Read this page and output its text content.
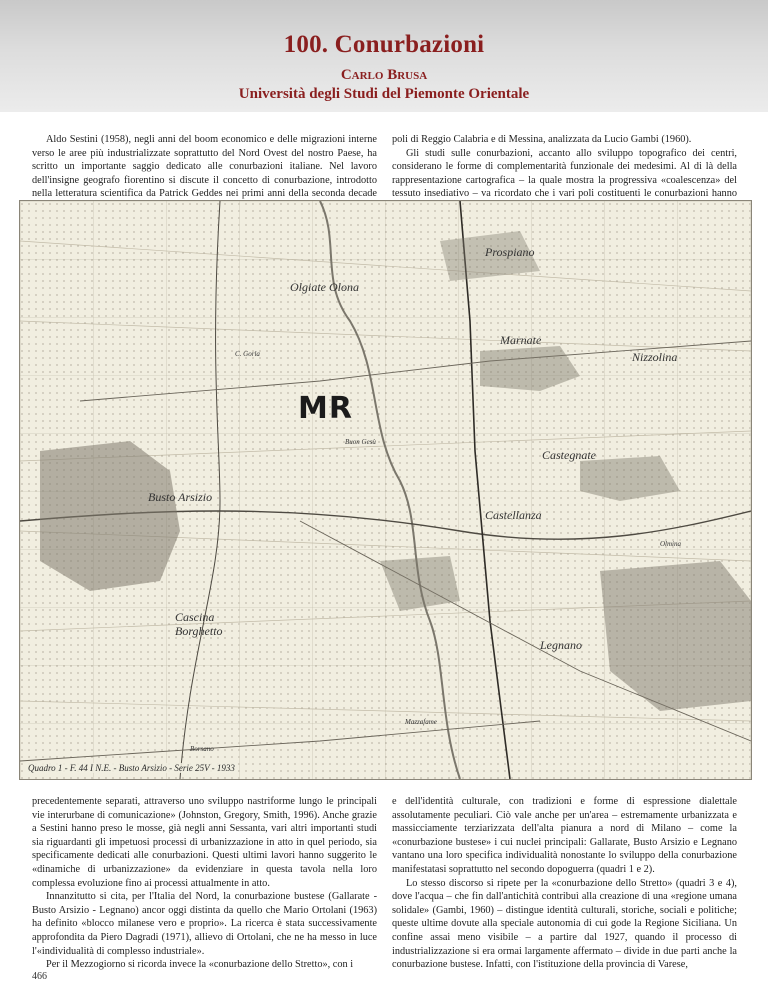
100. Conurbazioni
Carlo Brusa
Università degli Studi del Piemonte Orientale

Aldo Sestini (1958), negli anni del boom economico e delle migrazioni interne verso le aree più industrializzate soprattutto del Nord Ovest del nostro Paese, ha scritto un importante saggio dedicato alle conurbazioni italiane. Nel lavoro dell'insigne geografo fiorentino si discute il concetto di conurbazione, introdotto nella letteratura scientifica da Patrick Geddes nei primi anni della seconda decade

poli di Reggio Calabria e di Messina, analizzata da Lucio Gambi (1960).

Gli studi sulle conurbazioni, accanto allo sviluppo topografico dei centri, considerano le forme di complementarità funzionale dei medesimi. Al di là della rappresentazione cartografica – la quale mostra la progressiva «coalescenza» del tessuto insediativo – va ricordato che i vari poli costituenti le conurbazioni hanno

MR
Olgiate Olona
Prospiano
Marnate
Nizzolina
Busto Arsizio
Castegnate
Castellanza
Legnano
Cascina
Borghetto
C. Gorla
Buon Gesù
Mazzafame
Olmina
Borsano
Quadro 1 - F. 44 I N.E. - Busto Arsizio - Serie 25V - 1933

precedentemente separati, attraverso uno sviluppo nastriforme lungo le principali vie interurbane di comunicazione» (Johnston, Gregory, Smith, 1996). Anche grazie a Sestini hanno preso le mosse, già negli anni Sessanta, vari altri importanti studi sia riguardanti gli impetuosi processi di urbanizzazione in atto in quel periodo, sia specificamente dedicati alle conurbazioni. Questi ultimi lavori hanno suggerito le «dinamiche di urbanizzazione» da evidenziare in questa tavola nella loro complessa evoluzione fino ai processi attualmente in atto.

Innanzitutto si cita, per l'Italia del Nord, la conurbazione bustese (Gallarate - Busto Arsizio - Legnano) ancor oggi distinta da quello che Mario Ortolani (1963) ha definito «blocco milanese vero e proprio». La ricerca è stata successivamente approfondita da Piero Dagradi (1971), allievo di Ortolani, che ne ha messo in luce l'«individualità di complesso industriale».

Per il Mezzogiorno si ricorda invece la «conurbazione dello Stretto», con i

e dell'identità culturale, con tradizioni e forme di espressione dialettale assolutamente peculiari. Ciò vale anche per un'area – estremamente urbanizzata e massicciamente terziarizzata dell'alta pianura a nord di Milano – come la «conurbazione bustese» i cui nuclei principali: Gallarate, Busto Arsizio e Legnano vantano una loro specifica individualità nonostante lo sviluppo della conurbazione manifestatasi soprattutto nel secondo dopoguerra (quadri 1 e 2).

Lo stesso discorso si ripete per la «conurbazione dello Stretto» (quadri 3 e 4), dove l'acqua – che fin dall'antichità contribuì alla creazione di una «regione umana solidale» (Gambi, 1960) – distingue identità culturali, storiche, sociali e politiche; queste ultime dovute alla speciale autonomia di cui gode la Regione Siciliana. Un confine assai meno visibile – a partire dal 1927, quando il processo di industrializzazione si era ormai largamente affermato – divide in due parti anche la conurbazione bustese. Infatti, con l'istituzione della provincia di Varese,

466
